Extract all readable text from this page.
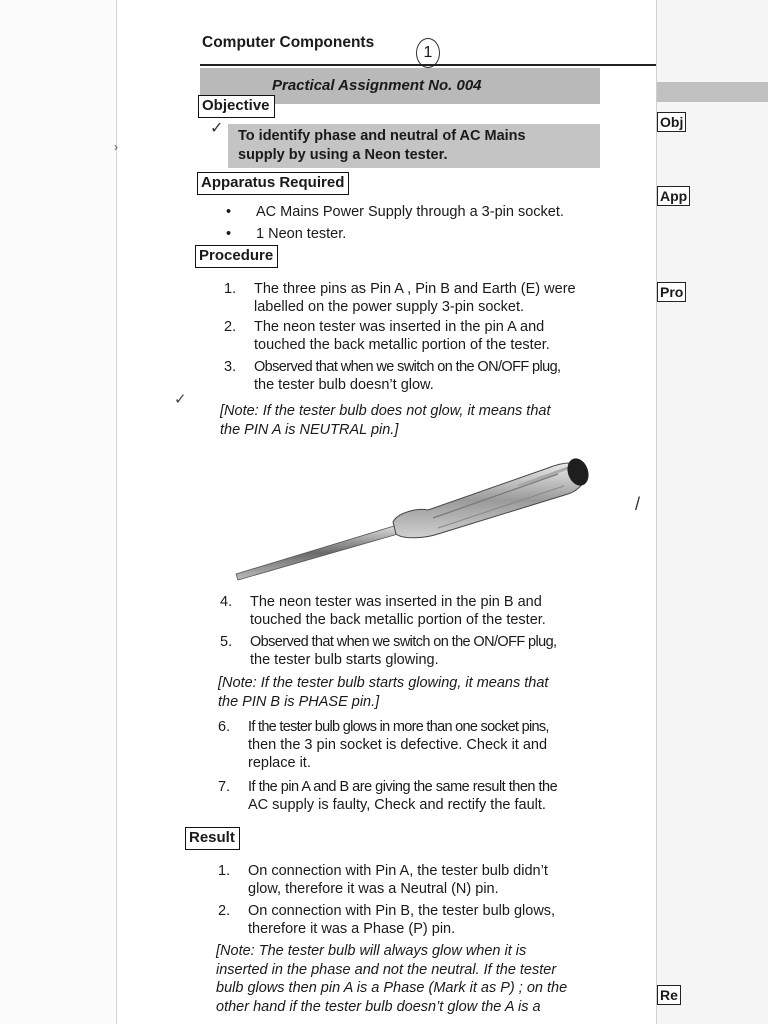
›
Computer Components
1
Practical Assignment No. 004
Objective
✓ To identify phase and neutral of AC Mains
supply by using a Neon tester.
Apparatus Required
• AC Mains Power Supply through a 3-pin socket.
• 1 Neon tester.
Procedure
1. The three pins as Pin A , Pin B and Earth (E) were
labelled on the power supply 3-pin socket.
2. The neon tester was inserted in the pin A and
touched the back metallic portion of the tester.
3. Observed that when we switch on the ON/OFF plug,
the tester bulb doesn’t glow.
✓
[Note: If the tester bulb does not glow, it means that
the PIN A is NEUTRAL pin.]
4. The neon tester was inserted in the pin B and
touched the back metallic portion of the tester.
5. Observed that when we switch on the ON/OFF plug,
the tester bulb starts glowing.
[Note: If the tester bulb starts glowing, it means that
the PIN B is PHASE pin.]
6. If the tester bulb glows in more than one socket pins,
then the 3 pin socket is defective. Check it and
replace it.
7. If the pin A and B are giving the same result then the
AC supply is faulty, Check and rectify the fault.
Result
1. On connection with Pin A, the tester bulb didn’t
glow, therefore it was a Neutral (N) pin.
2. On connection with Pin B, the tester bulb glows,
therefore it was a Phase (P) pin.
[Note: The tester bulb will always glow when it is
inserted in the phase and not the neutral. If the tester
bulb glows then pin A is a Phase (Mark it as P) ; on the
other hand if the tester bulb doesn’t glow the A is a
Obj
App
Pro
/
Re
